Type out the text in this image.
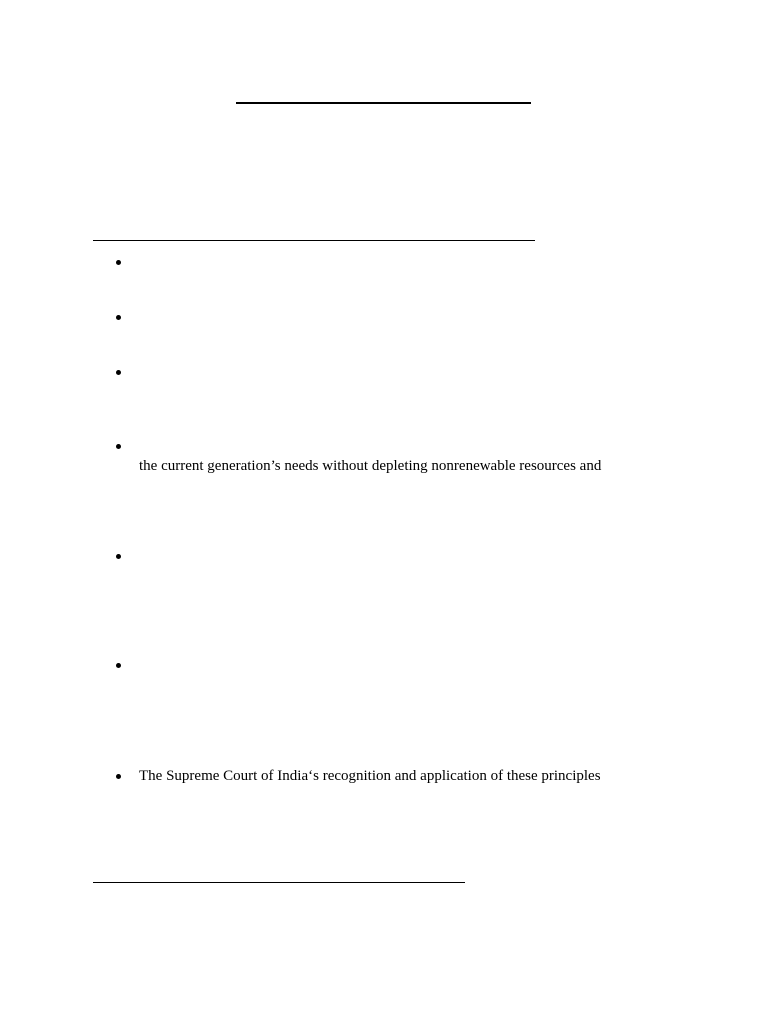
the current generation’s needs without depleting nonrenewable resources and
The Supreme Court of India‘s recognition and application of these principles
